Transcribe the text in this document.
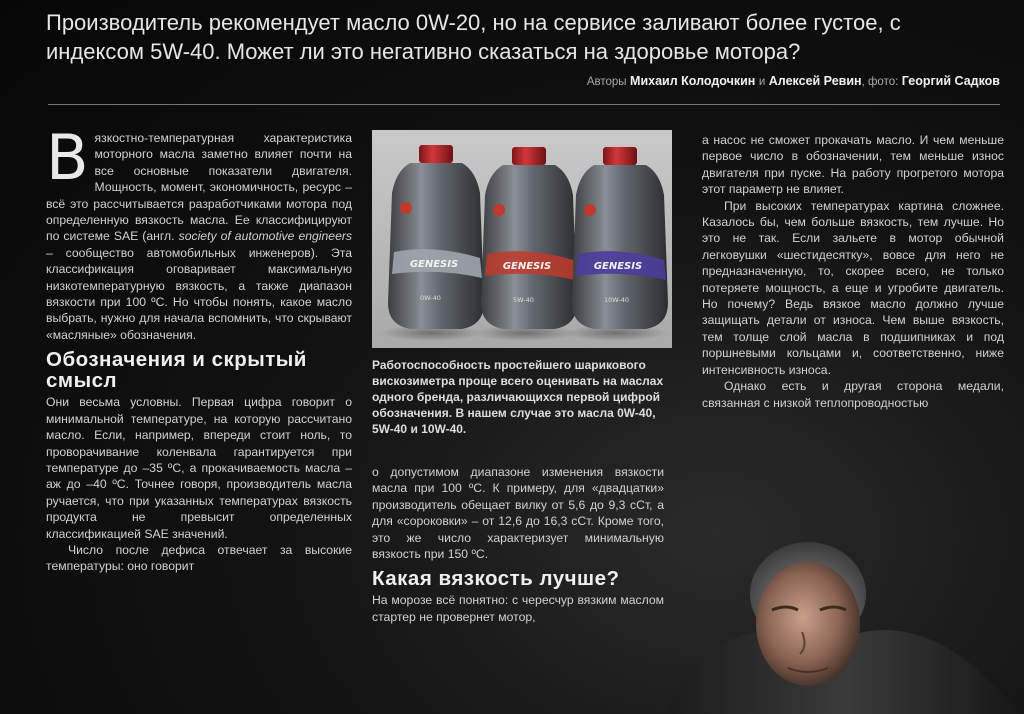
Производитель рекомендует масло 0W-20, но на сервисе заливают более густое, с индексом 5W-40. Может ли это негативно сказаться на здоровье мотора?
Авторы Михаил Колодочкин и Алексей Ревин, фото: Георгий Садков

Вязкостно-температурная характеристика моторного масла заметно влияет почти на все основные показатели двигателя. Мощность, момент, экономичность, ресурс – всё это рассчитывается разработчиками мотора под определенную вязкость масла. Ее классифицируют по системе SAE (англ. society of automotive engineers – сообщество автомобильных инженеров). Эта классификация оговаривает максимальную низкотемпературную вязкость, а также диапазон вязкости при 100 ºС. Но чтобы понять, какое масло выбрать, нужно для начала вспомнить, что скрывают «масляные» обозначения.

Обозначения и скрытый смысл

Они весьма условны. Первая цифра говорит о минимальной температуре, на которую рассчитано масло. Если, например, впереди стоит ноль, то проворачивание коленвала гарантируется при температуре до –35 ºС, а прокачиваемость масла – аж до –40 ºС. Точнее говоря, производитель масла ручается, что при указанных температурах вязкость продукта не превысит определенных классификацией SAE значений.

Число после дефиса отвечает за высокие температуры: оно говорит

GENESIS
0W-40
GENESIS
5W-40
GENESIS
10W-40

Работоспособность простейшего шарикового вискозиметра проще всего оценивать на маслах одного бренда, различающихся первой цифрой обозначения. В нашем случае это масла 0W-40, 5W-40 и 10W-40.

о допустимом диапазоне изменения вязкости масла при 100 ºС. К примеру, для «двадцатки» производитель обещает вилку от 5,6 до 9,3 сСт, а для «сороковки» – от 12,6 до 16,3 сСт. Кроме того, это же число характеризует минимальную вязкость при 150 ºС.

Какая вязкость лучше?

На морозе всё понятно: с чересчур вязким маслом стартер не провернет мотор,

а насос не сможет прокачать масло. И чем меньше первое число в обозначении, тем меньше износ двигателя при пуске. На работу прогретого мотора этот параметр не влияет.

При высоких температурах картина сложнее. Казалось бы, чем больше вязкость, тем лучше. Но это не так. Если зальете в мотор обычной легковушки «шестидесятку», вовсе для него не предназначенную, то, скорее всего, не только потеряете мощность, а еще и угробите двигатель. Но почему? Ведь вязкое масло должно лучше защищать детали от износа. Чем выше вязкость, тем толще слой масла в подшипниках и под поршневыми кольцами и, соответственно, ниже интенсивность износа.

Однако есть и другая сторона медали, связанная с низкой теплопроводностью
